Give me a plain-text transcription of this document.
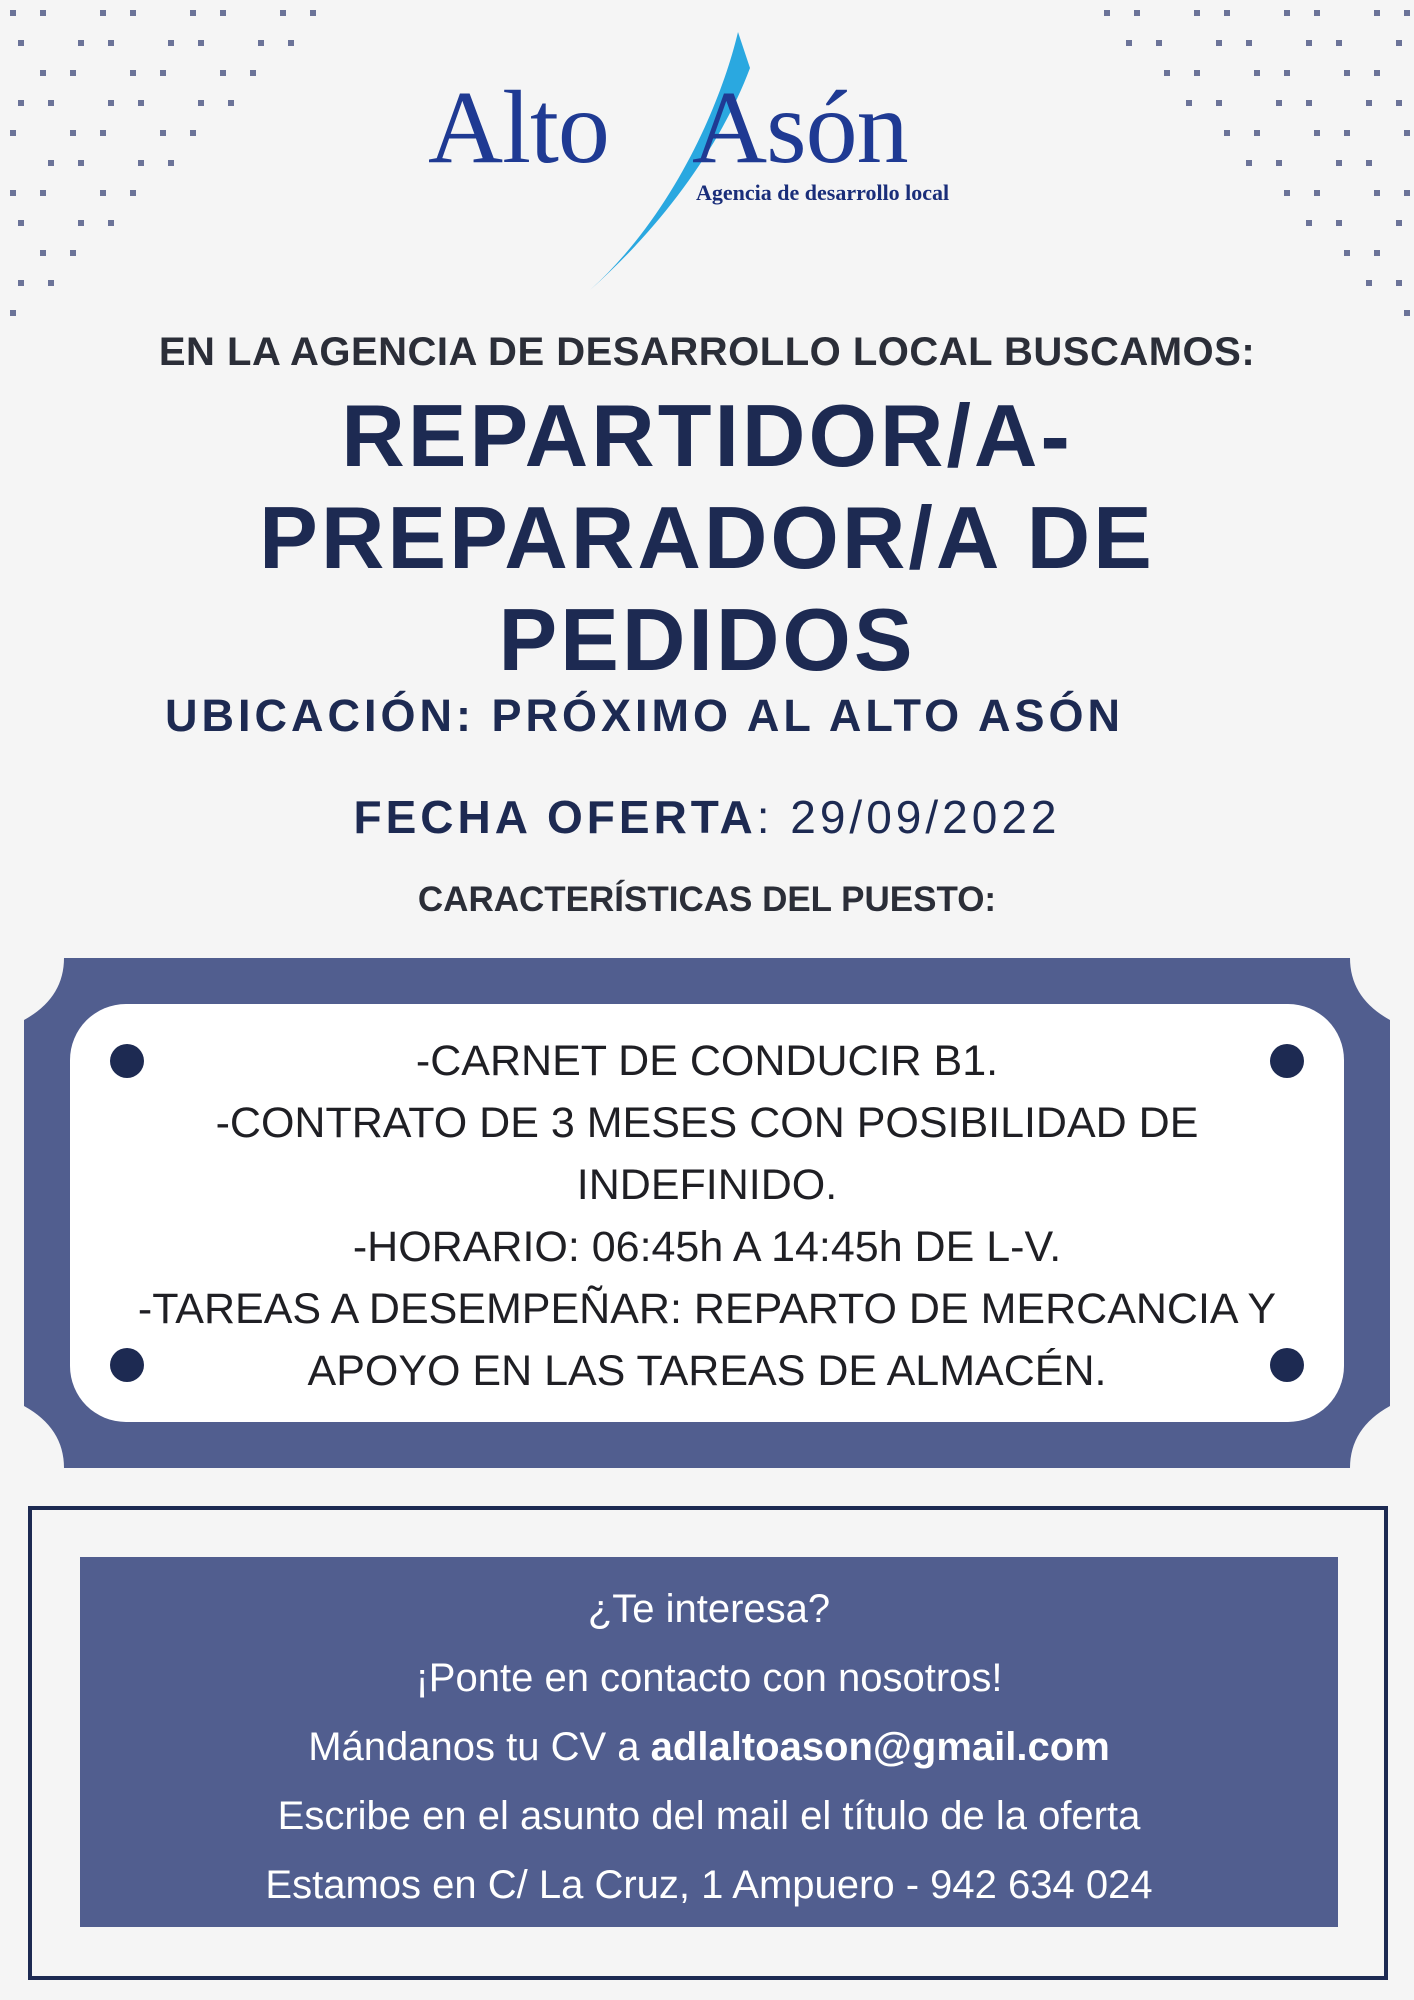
Alto Asón
Agencia de desarrollo local
EN LA AGENCIA DE DESARROLLO LOCAL BUSCAMOS:
REPARTIDOR/A-
PREPARADOR/A DE
PEDIDOS
UBICACIÓN: PRÓXIMO AL ALTO ASÓN
FECHA OFERTA: 29/09/2022
CARACTERÍSTICAS DEL PUESTO:
-CARNET DE CONDUCIR B1.
-CONTRATO DE 3 MESES CON POSIBILIDAD DE
INDEFINIDO.
-HORARIO: 06:45h A 14:45h DE L-V.
-TAREAS A DESEMPEÑAR: REPARTO DE MERCANCIA Y
APOYO EN LAS TAREAS DE ALMACÉN.
¿Te interesa?
¡Ponte en contacto con nosotros!
Mándanos tu CV a adlaltoason@gmail.com
Escribe en el asunto del mail el título de la oferta
Estamos en C/ La Cruz, 1 Ampuero - 942 634 024
